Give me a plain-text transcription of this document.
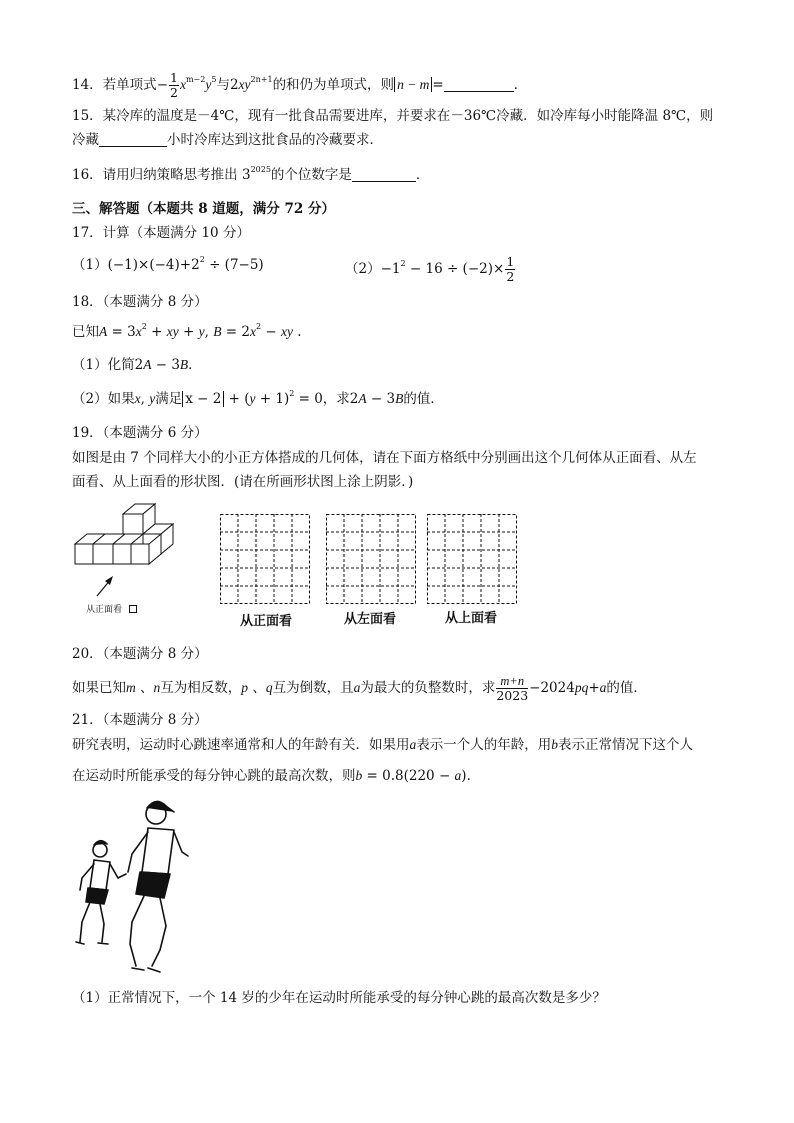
14．若单项式− $\frac{1}{2} x^{m-2}y^5$与$2xy^{2n+1}$的和仍为单项式，则 n − m =	．
15．某冷库的温度是－4℃，现有一批食品需要进库，并要求在－36℃冷藏．如冷库每小时能降温 8℃，则
冷藏	小时冷库达到这批食品的冷藏要求．
16．请用归纳策略思考推出 $3^{2025}$的个位数字是	．
三、解答题（本题共 8 道题，满分 72 分）
17．计算（本题满分 10 分）
$(1)(-1)\times(-4)+2^2 \div (7-5)$	$(2)-1^2 - 16 \div (-2)\times \frac{1}{2}$
18．（本题满分 8 分）
已知$A = 3x^2$ + xy + y, $B = 2x^2$ − xy .
（1）化简2A − 3B．
（2）如果x, y满足 $x - 2 + (y + 1)^2 = 0$，求2A − 3B的值．
19．（本题满分 6 分）
如图是由 7 个同样大小的小正方体搭成的几何体，请在下面方格纸中分别画出这个几何体从正面看、从左
面看、从上面看的形状图．(请在所画形状图上涂上阴影．)
从正面看
从正面看	从左面看	从上面看
20．（本题满分 8 分）
如果已知m 、n互为相反数，p 、q互为倒数，且a为最大的负整数时，求 $\frac{m+n}{2023} -2024pq+a$的值．
21．（本题满分 8 分）
研究表明，运动时心跳速率通常和人的年龄有关．如果用a表示一个人的年龄，用b表示正常情况下这个人
在运动时所能承受的每分钟心跳的最高次数，则b = 0.8(220 − a)．
（1）正常情况下，一个 14 岁的少年在运动时所能承受的每分钟心跳的最高次数是多少？
